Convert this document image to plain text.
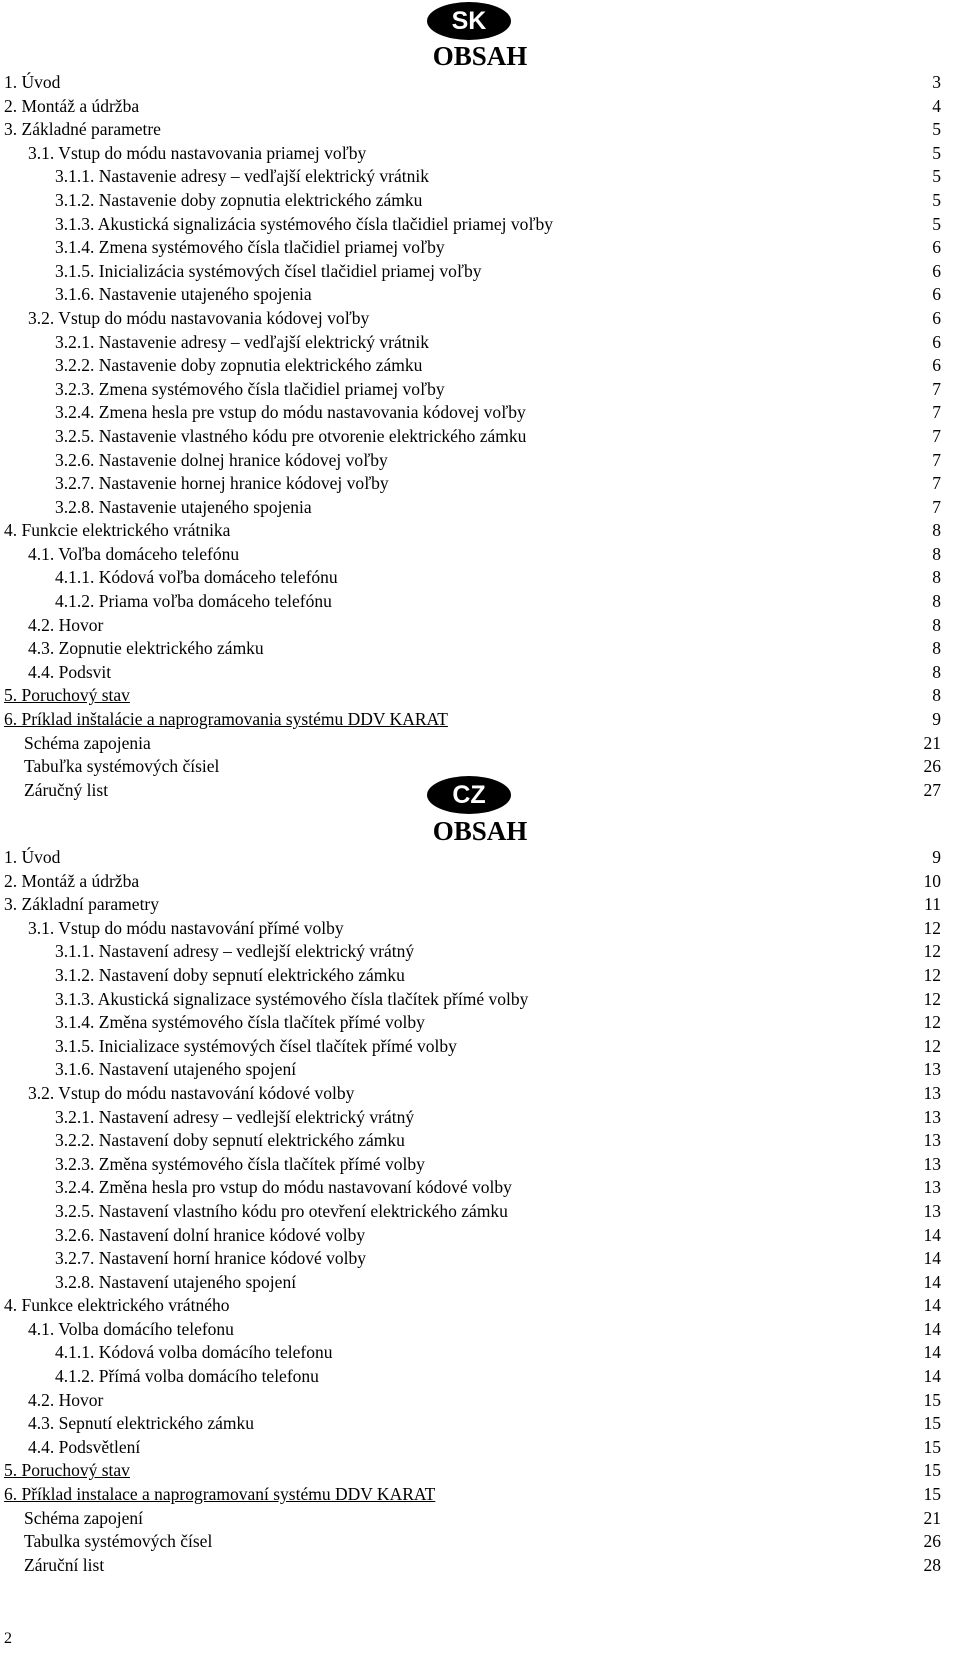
SK
OBSAH
1. Úvod	3
2. Montáž a údržba	4
3. Základné parametre	5
3.1. Vstup do módu nastavovania priamej voľby	5
3.1.1. Nastavenie adresy – vedľajší elektrický vrátnik	5
3.1.2. Nastavenie doby zopnutia elektrického zámku	5
3.1.3. Akustická signalizácia systémového čísla tlačidiel priamej voľby	5
3.1.4. Zmena systémového čísla tlačidiel priamej voľby	6
3.1.5. Inicializácia systémových čísel tlačidiel priamej voľby	6
3.1.6. Nastavenie utajeného spojenia	6
3.2. Vstup do módu nastavovania kódovej voľby	6
3.2.1. Nastavenie adresy – vedľajší elektrický vrátnik	6
3.2.2. Nastavenie doby zopnutia elektrického zámku	6
3.2.3. Zmena systémového čísla tlačidiel priamej voľby	7
3.2.4. Zmena hesla pre vstup do módu nastavovania kódovej voľby	7
3.2.5. Nastavenie vlastného kódu pre otvorenie elektrického zámku	7
3.2.6. Nastavenie dolnej hranice kódovej voľby	7
3.2.7. Nastavenie hornej hranice kódovej voľby	7
3.2.8. Nastavenie utajeného spojenia	7
4. Funkcie elektrického vrátnika	8
4.1. Voľba domáceho telefónu	8
4.1.1. Kódová voľba domáceho telefónu	8
4.1.2. Priama voľba domáceho telefónu	8
4.2. Hovor	8
4.3. Zopnutie elektrického zámku	8
4.4. Podsvit	8
5. Poruchový stav	8
6. Príklad inštalácie a naprogramovania systému DDV KARAT	9
Schéma zapojenia	21
Tabuľka systémových čísiel	26
Záručný list	27
CZ
OBSAH
1. Úvod	9
2. Montáž a údržba	10
3. Základní parametry	11
3.1. Vstup do módu nastavování přímé volby	12
3.1.1. Nastavení adresy – vedlejší elektrický vrátný	12
3.1.2. Nastavení doby sepnutí elektrického zámku	12
3.1.3. Akustická signalizace systémového čísla tlačítek přímé volby	12
3.1.4. Změna systémového čísla tlačítek přímé volby	12
3.1.5. Inicializace systémových čísel tlačítek přímé volby	12
3.1.6. Nastavení utajeného spojení	13
3.2. Vstup do módu nastavování kódové volby	13
3.2.1. Nastavení adresy – vedlejší elektrický vrátný	13
3.2.2. Nastavení doby sepnutí elektrického zámku	13
3.2.3. Změna systémového čísla tlačítek přímé volby	13
3.2.4. Změna hesla pro vstup do módu nastavovaní kódové volby	13
3.2.5. Nastavení vlastního kódu pro otevření elektrického zámku	13
3.2.6. Nastavení dolní hranice kódové volby	14
3.2.7. Nastavení horní hranice kódové volby	14
3.2.8. Nastavení utajeného spojení	14
4. Funkce elektrického vrátného	14
4.1. Volba domácího telefonu	14
4.1.1. Kódová volba domácího telefonu	14
4.1.2. Přímá volba domácího telefonu	14
4.2. Hovor	15
4.3. Sepnutí elektrického zámku	15
4.4. Podsvětlení	15
5. Poruchový stav	15
6. Příklad instalace a naprogramovaní systému DDV KARAT	15
Schéma zapojení	21
Tabulka systémových čísel	26
Záruční list	28
2
